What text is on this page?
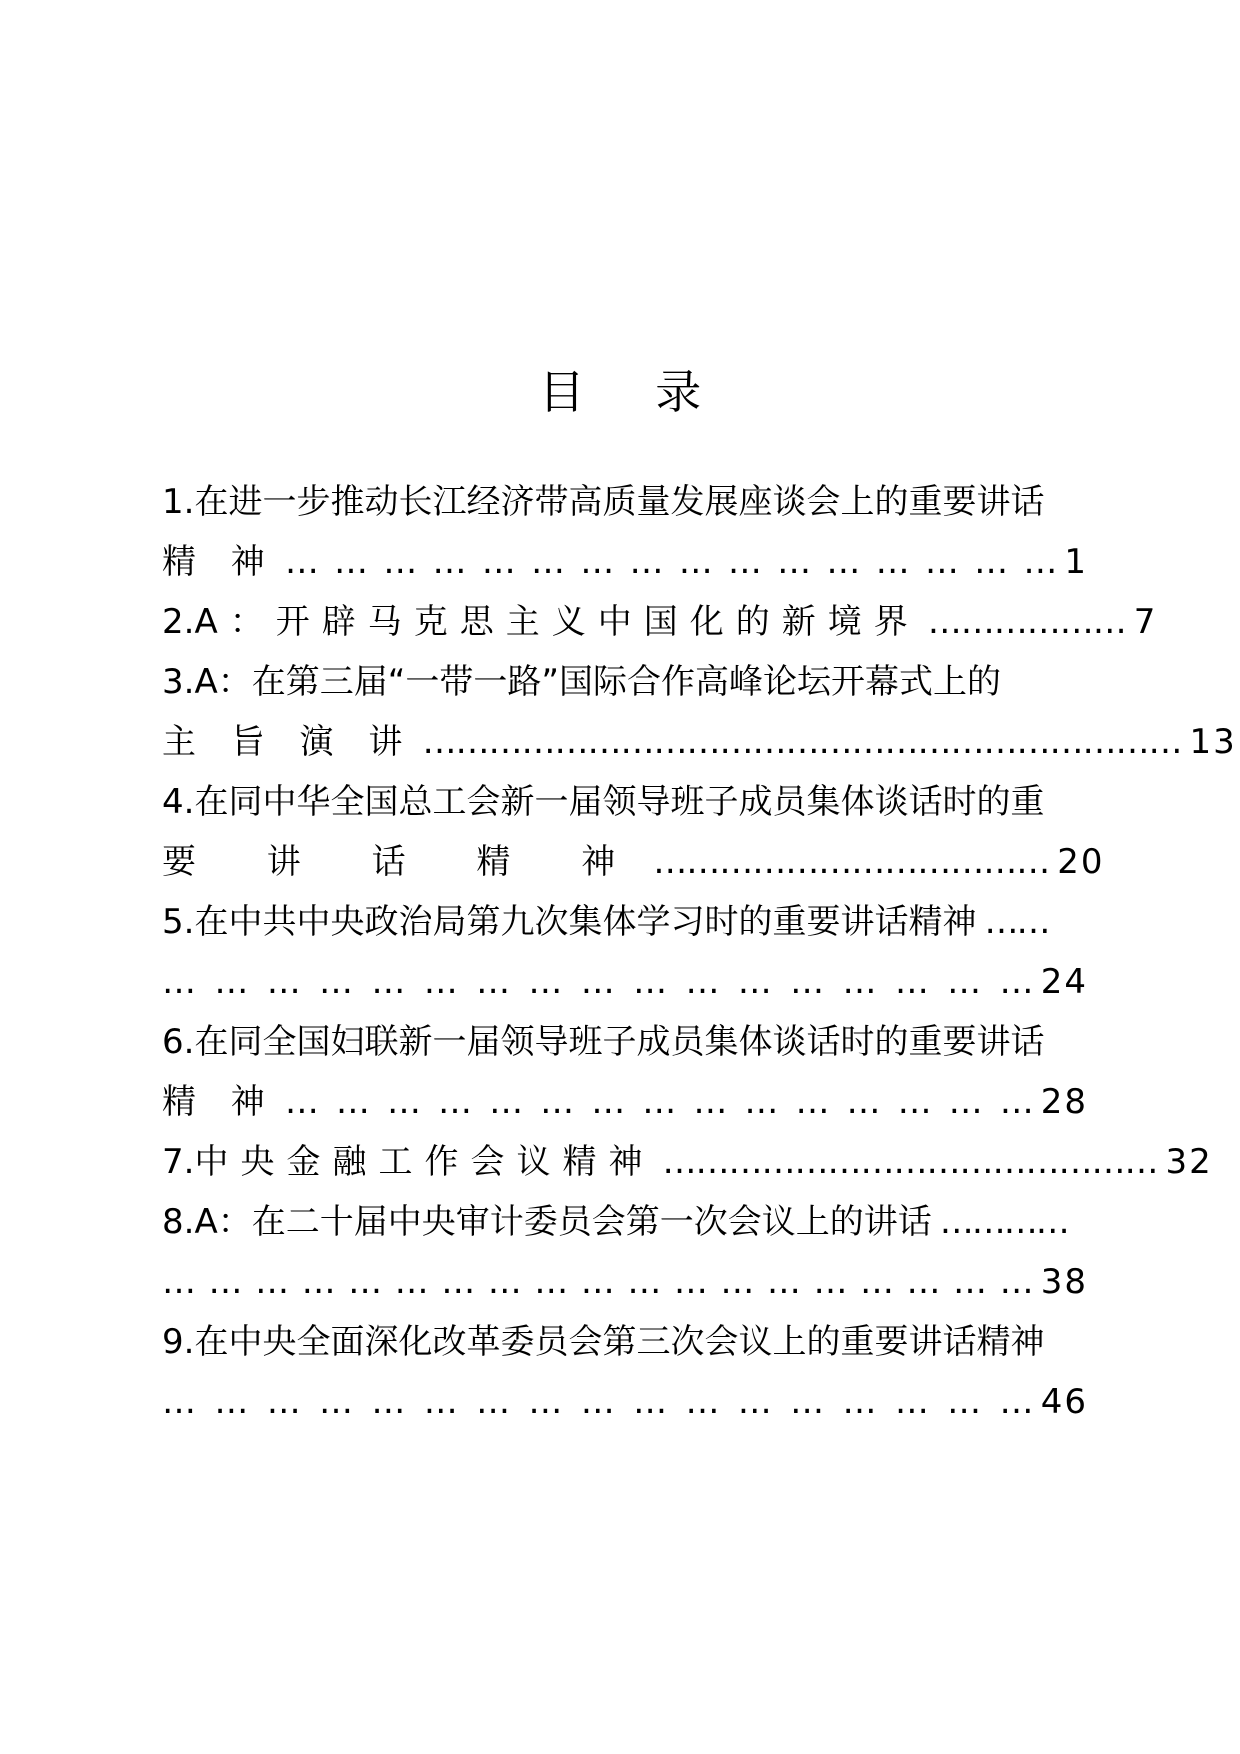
目 录
1. 在进一步推动长江经济带高质量发展座谈会上的重要讲话
精 神 … … … … … … … … … … … … … … … … 1
2. A：开辟马克思主义中国化的新境界 … … … … … … 7
3. A：在第三届“一带一路”国际合作高峰论坛开幕式上的
主 旨 演 讲 … … … … … … … … … … … … … … … … … … … … … … … 13
4. 在同中华全国总工会新一届领导班子成员集体谈话时的重
要 讲 话 精 神 … … … … … … … … … … … … 20
5. 在中共中央政治局第九次集体学习时的重要讲话精神 ……
… … … … … … … … … … … … … … … … … 24
6. 在同全国妇联新一届领导班子成员集体谈话时的重要讲话
精 神 … … … … … … … … … … … … … … … 28
7. 中央金融工作会议精神 … … … … … … … … … … … … … … … 32
8. A：在二十届中央审计委员会第一次会议上的讲话 …………
… … … … … … … … … … … … … … … … … … … 38
9. 在中央全面深化改革委员会第三次会议上的重要讲话精神
… … … … … … … … … … … … … … … … … 46
